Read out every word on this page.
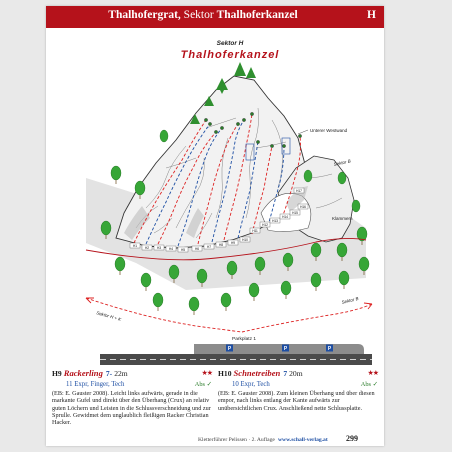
Thalhofergrat, Sektor Thalhoferkanzel	H
Sektor H
Thalhoferkanzel
H1 H2 H3 H4 H5	H6 H7 H8 H9
H10
H11
H12
H13
H14
H15
H16
H17
Unterer Westwand
Sektor B
Klammern
Sektor H + K
Sektor B
Parkplatz 1
P	P	P
H9 Rackerling 7- 22m	★★
11 Expr, Finger, Tech	Abs ✓
(EB: E. Gauster 2008). Leicht links aufwärts, gerade in die markante Gufel und direkt über den Überhang (Crux) an relativ guten Löchern und Leisten in die Schlussverschneidung und zur Sprulle. Gewidmet dem unglaublich fleißigen Racker Christian Hacker.
H10 Schnetreiben 7 20m	★★
10 Expr, Tech	Abs ✓
(EB: E. Gauster 2008). Zum kleinen Überhang und über diesen empor, nach links entlang der Kante aufwärts zur unübersichtlichen Crux. Anschließend nette Schlussplatte.
Kletterführer Pelissen · 2. Auflage www.schall-verlag.at 299
